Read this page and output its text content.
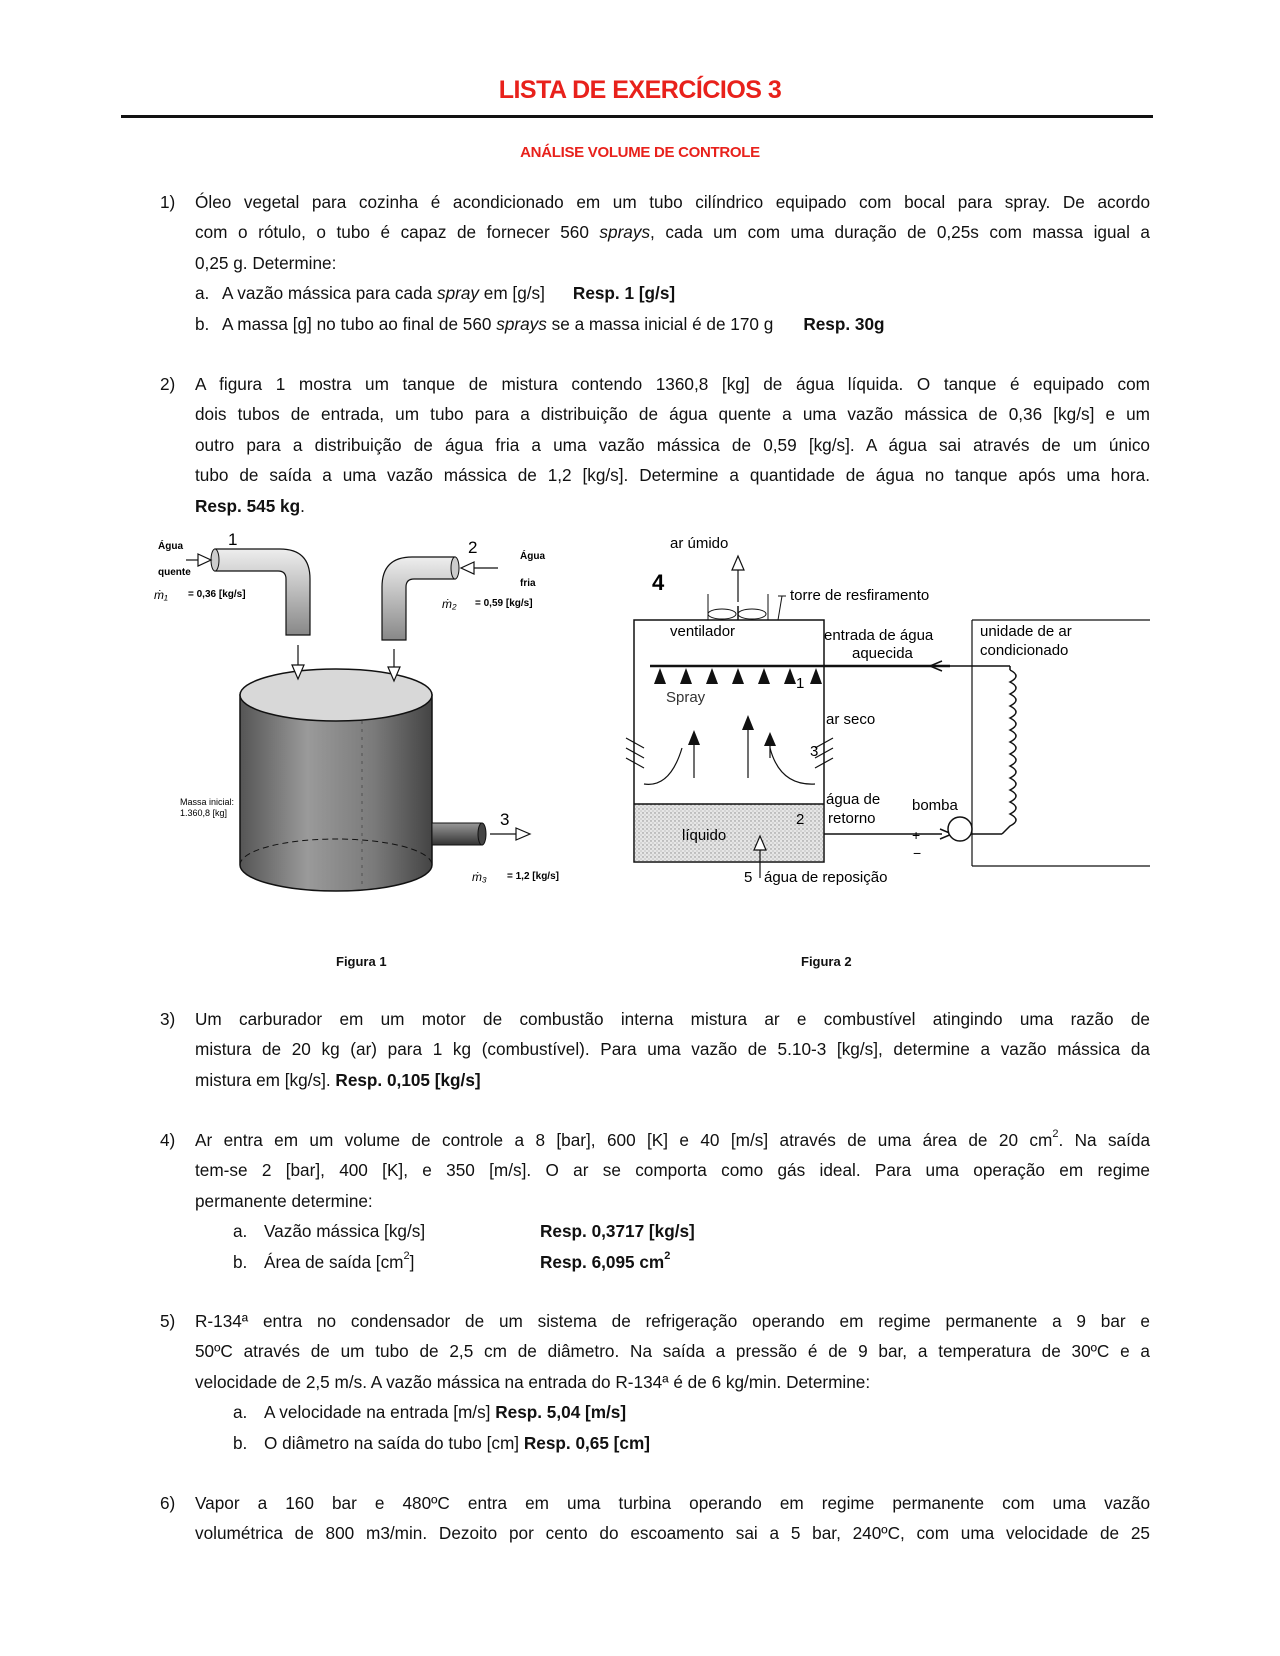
LISTA DE EXERCÍCIOS 3
ANÁLISE VOLUME DE CONTROLE
1) Óleo vegetal para cozinha é acondicionado em um tubo cilíndrico equipado com bocal para spray. De acordo
com o rótulo, o tubo é capaz de fornecer 560 sprays, cada um com uma duração de 0,25s com massa igual a
0,25 g. Determine:
a. A vazão mássica para cada spray em [g/s] Resp. 1 [g/s]
b. A massa [g] no tubo ao final de 560 sprays se a massa inicial é de 170 g Resp. 30g
2) A figura 1 mostra um tanque de mistura contendo 1360,8 [kg] de água líquida. O tanque é equipado com
dois tubos de entrada, um tubo para a distribuição de água quente a uma vazão mássica de 0,36 [kg/s] e um
outro para a distribuição de água fria a uma vazão mássica de 0,59 [kg/s]. A água sai através de um único
tubo de saída a uma vazão mássica de 1,2 [kg/s]. Determine a quantidade de água no tanque após uma hora.
Resp. 545 kg.
1	2
3
Água
quente
Água
fria
ṁ₁ = 0,36 [kg/s]
ṁ₂ = 0,59 [kg/s]
ṁ₃ = 1,2 [kg/s]
Massa inicial:
1.360,8 [kg]
Figura 1
ar úmido
torre de resfiramento
ventilador	entrada de água
aquecida
unidade de ar
condicionado
Spray
ar seco
água de
retorno
bomba
líquido
água de reposição
1
2
3
4
5
+
−
Figura 2
3) Um carburador em um motor de combustão interna mistura ar e combustível atingindo uma razão de
mistura de 20 kg (ar) para 1 kg (combustível). Para uma vazão de 5.10-3 [kg/s], determine a vazão mássica da
mistura em [kg/s]. Resp. 0,105 [kg/s]
4) Ar entra em um volume de controle a 8 [bar], 600 [K] e 40 [m/s] através de uma área de 20 $cm^2$. Na saída
tem-se 2 [bar], 400 [K], e 350 [m/s]. O ar se comporta como gás ideal. Para uma operação em regime
permanente determine:
a. Vazão mássica [kg/s]	Resp. 0,3717 [kg/s]
b. Área de saída $[cm^2]$	Resp. 6,095 $cm^2$
5) R-134ª entra no condensador de um sistema de refrigeração operando em regime permanente a 9 bar e
50ºC através de um tubo de 2,5 cm de diâmetro. Na saída a pressão é de 9 bar, a temperatura de 30ºC e a
velocidade de 2,5 m/s. A vazão mássica na entrada do R-134ª é de 6 kg/min. Determine:
a. A velocidade na entrada [m/s] Resp. 5,04 [m/s]
b. O diâmetro na saída do tubo [cm] Resp. 0,65 [cm]
6) Vapor a 160 bar e 480ºC entra em uma turbina operando em regime permanente com uma vazão
volumétrica de 800 m3/min. Dezoito por cento do escoamento sai a 5 bar, 240ºC, com uma velocidade de 25
